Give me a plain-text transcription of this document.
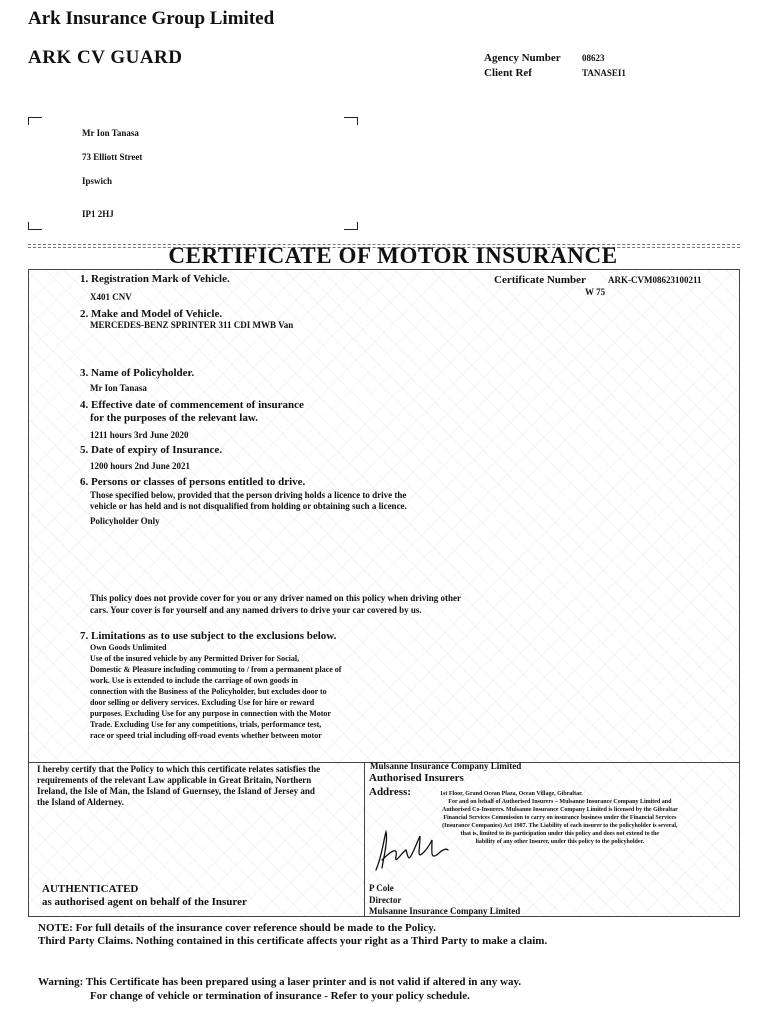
Ark Insurance Group Limited
ARK CV GUARD	Agency Number 08623
Client Ref	TANASEI1
Mr Ion Tanasa
73 Elliott Street
Ipswich
IP1 2HJ
CERTIFICATE OF MOTOR INSURANCE
Certificate Number ARK-CVM08623100211
W 75
1. Registration Mark of Vehicle.
X401 CNV
2. Make and Model of Vehicle.
MERCEDES-BENZ SPRINTER 311 CDI MWB Van
3. Name of Policyholder.
Mr Ion Tanasa
4. Effective date of commencement of insurance
for the purposes of the relevant law.
1211 hours 3rd June 2020
5. Date of expiry of Insurance.
1200 hours 2nd June 2021
6. Persons or classes of persons entitled to drive.
Those specified below, provided that the person driving holds a licence to drive the
vehicle or has held and is not disqualified from holding or obtaining such a licence.
Policyholder Only
This policy does not provide cover for you or any driver named on this policy when driving other
cars. Your cover is for yourself and any named drivers to drive your car covered by us.
7. Limitations as to use subject to the exclusions below.
Own Goods Unlimited
Use of the insured vehicle by any Permitted Driver for Social,
Domestic & Pleasure including commuting to / from a permanent place of
work. Use is extended to include the carriage of own goods in
connection with the Business of the Policyholder, but excludes door to
door selling or delivery services. Excluding Use for hire or reward
purposes. Excluding Use for any purpose in connection with the Motor
Trade. Excluding Use for any competitions, trials, performance test,
race or speed trial including off-road events whether between motor
I hereby certify that the Policy to which this certificate relates satisfies the
requirements of the relevant Law applicable in Great Britain, Northern
Ireland, the Isle of Man, the Island of Guernsey, the Island of Jersey and
the Island of Alderney.
AUTHENTICATED
as authorised agent on behalf of the Insurer
Mulsanne Insurance Company Limited
Authorised Insurers
Address:	1st Floor, Grand Ocean Plaza, Ocean Village, Gibraltar.
For and on behalf of Authorised Insurers – Mulsanne Insurance Company Limited and
Authorised Co-Insurers. Mulsanne Insurance Company Limited is licensed by the Gibraltar
Financial Services Commission to carry on insurance business under the Financial Services
(Insurance Companies) Act 1987. The Liability of each insurer to the policyholder is several,
that is, limited to its participation under this policy and does not extend to the
liability of any other Insurer, under this policy to the policyholder.
P Cole
Director
Mulsanne Insurance Company Limited
NOTE: For full details of the insurance cover reference should be made to the Policy.
Third Party Claims. Nothing contained in this certificate affects your right as a Third Party to make a claim.
Warning: This Certificate has been prepared using a laser printer and is not valid if altered in any way.
For change of vehicle or termination of insurance - Refer to your policy schedule.
